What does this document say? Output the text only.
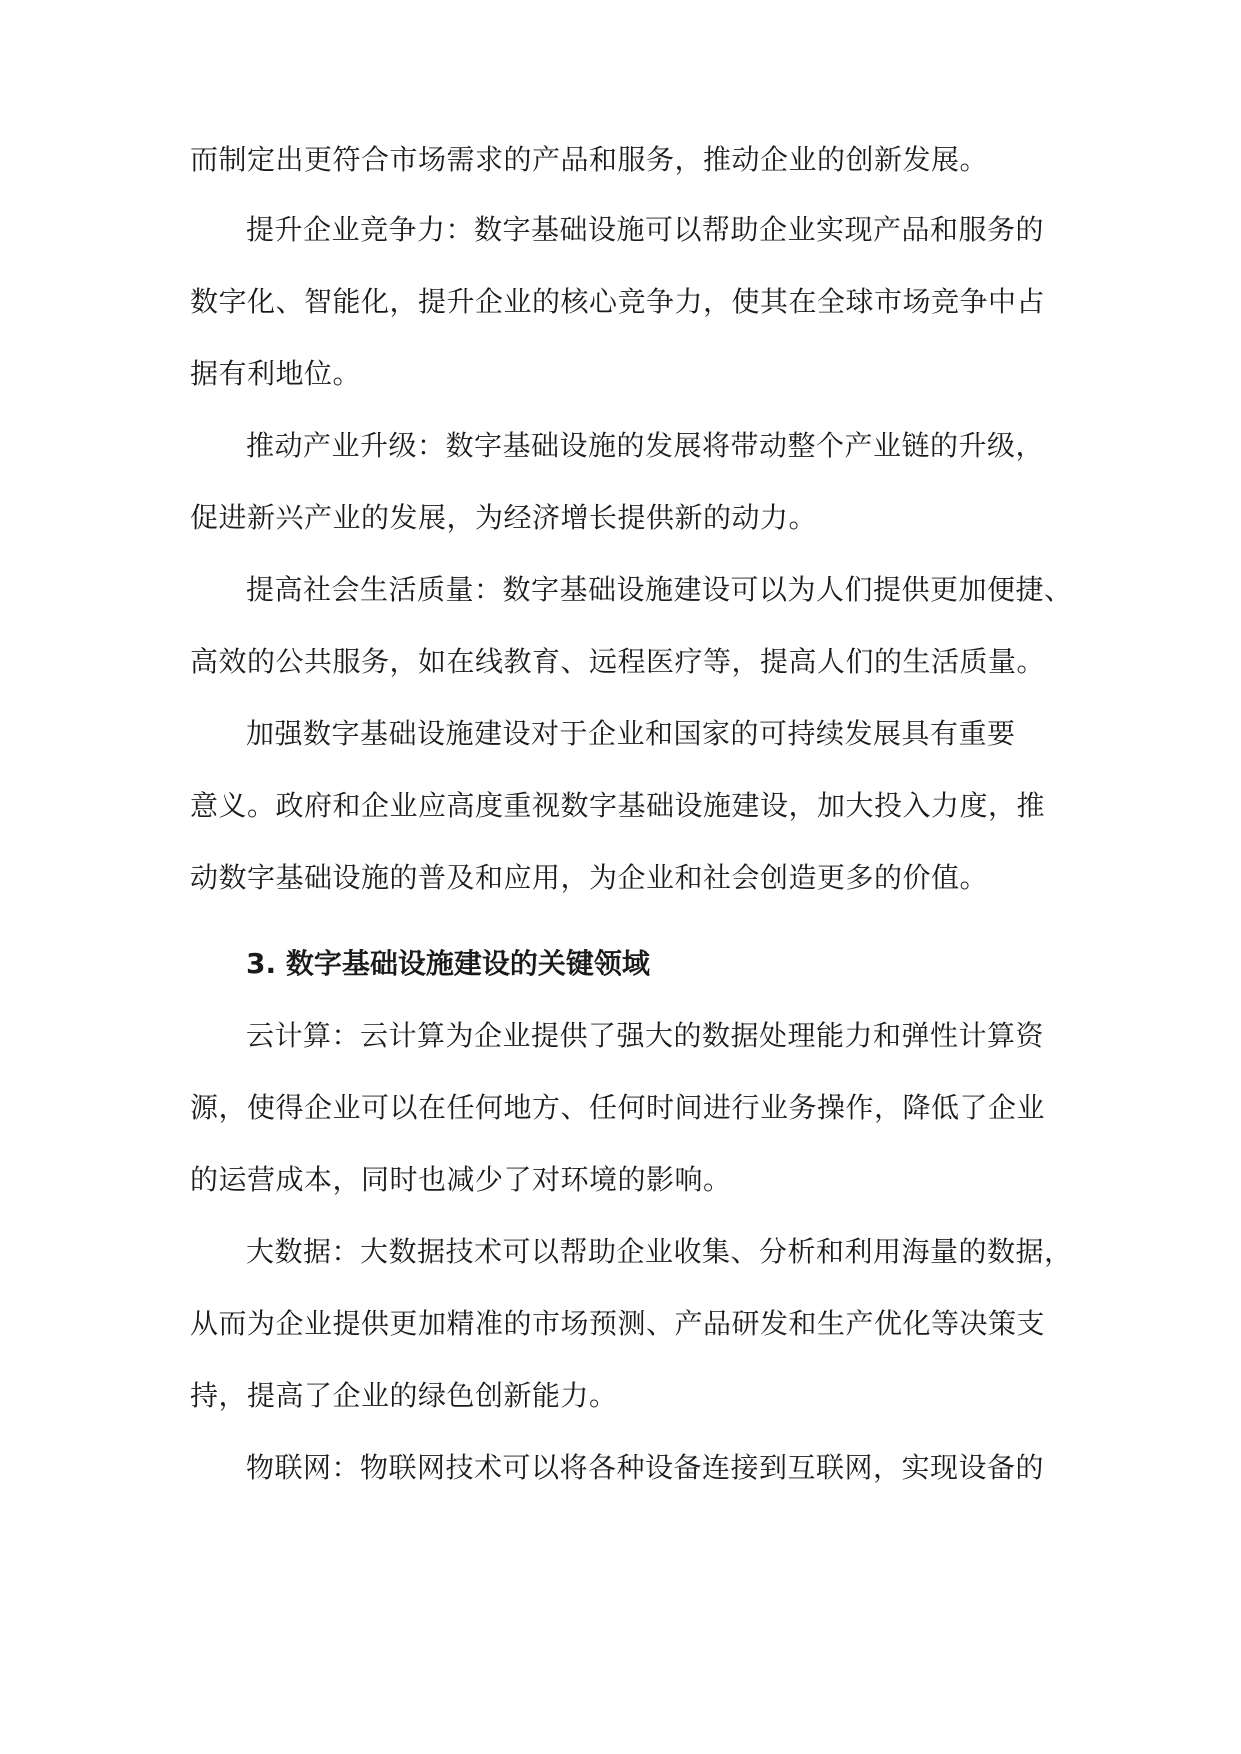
而制定出更符合市场需求的产品和服务，推动企业的创新发展。
提升企业竞争力：数字基础设施可以帮助企业实现产品和服务的
数字化、智能化，提升企业的核心竞争力，使其在全球市场竞争中占
据有利地位。
推动产业升级：数字基础设施的发展将带动整个产业链的升级，
促进新兴产业的发展，为经济增长提供新的动力。
提高社会生活质量：数字基础设施建设可以为人们提供更加便捷、
高效的公共服务，如在线教育、远程医疗等，提高人们的生活质量。
加强数字基础设施建设对于企业和国家的可持续发展具有重要
意义。政府和企业应高度重视数字基础设施建设，加大投入力度，推
动数字基础设施的普及和应用，为企业和社会创造更多的价值。
3. 数字基础设施建设的关键领域
云计算：云计算为企业提供了强大的数据处理能力和弹性计算资
源，使得企业可以在任何地方、任何时间进行业务操作，降低了企业
的运营成本，同时也减少了对环境的影响。
大数据：大数据技术可以帮助企业收集、分析和利用海量的数据，
从而为企业提供更加精准的市场预测、产品研发和生产优化等决策支
持，提高了企业的绿色创新能力。
物联网：物联网技术可以将各种设备连接到互联网，实现设备的
